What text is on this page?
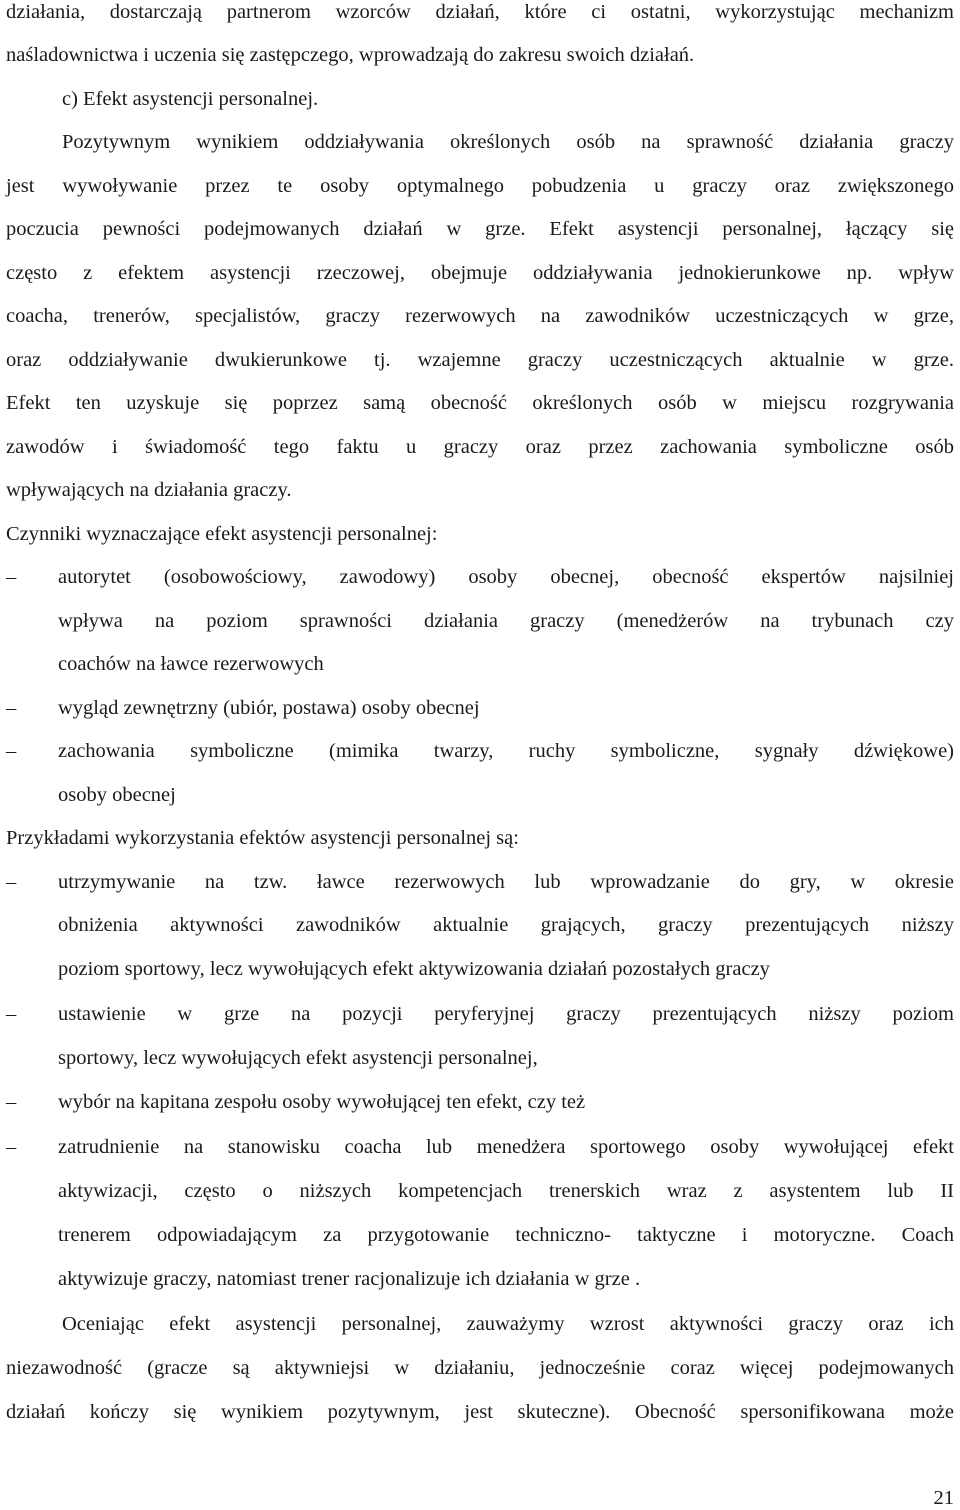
działania, dostarczają partnerom wzorców działań, które ci ostatni, wykorzystując mechanizm
naśladownictwa i uczenia się zastępczego, wprowadzają do zakresu swoich działań.
c) Efekt asystencji personalnej.
Pozytywnym wynikiem oddziaływania określonych osób na sprawność działania graczy
jest wywoływanie przez te osoby optymalnego pobudzenia u graczy oraz zwiększonego
poczucia pewności podejmowanych działań w grze. Efekt asystencji personalnej, łączący się
często z efektem asystencji rzeczowej, obejmuje oddziaływania jednokierunkowe np. wpływ
coacha, trenerów, specjalistów, graczy rezerwowych na zawodników uczestniczących w grze,
oraz oddziaływanie dwukierunkowe tj. wzajemne graczy uczestniczących aktualnie w grze.
Efekt ten uzyskuje się poprzez samą obecność określonych osób w miejscu rozgrywania
zawodów i świadomość tego faktu u graczy oraz przez zachowania symboliczne osób
wpływających na działania graczy.
Czynniki wyznaczające efekt asystencji personalnej:
– autorytet (osobowościowy, zawodowy) osoby obecnej, obecność ekspertów najsilniej
wpływa na poziom sprawności działania graczy (menedżerów na trybunach czy
coachów na ławce rezerwowych
– wygląd zewnętrzny (ubiór, postawa) osoby obecnej
– zachowania symboliczne (mimika twarzy, ruchy symboliczne, sygnały dźwiękowe)
osoby obecnej
Przykładami wykorzystania efektów asystencji personalnej są:
– utrzymywanie na tzw. ławce rezerwowych lub wprowadzanie do gry, w okresie
obniżenia aktywności zawodników aktualnie grających, graczy prezentujących niższy
poziom sportowy, lecz wywołujących efekt aktywizowania działań pozostałych graczy
– ustawienie w grze na pozycji peryferyjnej graczy prezentujących niższy poziom
sportowy, lecz wywołujących efekt asystencji personalnej,
– wybór na kapitana zespołu osoby wywołującej ten efekt, czy też
– zatrudnienie na stanowisku coacha lub menedżera sportowego osoby wywołującej efekt
aktywizacji, często o niższych kompetencjach trenerskich wraz z asystentem lub II
trenerem odpowiadającym za przygotowanie techniczno- taktyczne i motoryczne. Coach
aktywizuje graczy, natomiast trener racjonalizuje ich działania w grze .
Oceniając efekt asystencji personalnej, zauważymy wzrost aktywności graczy oraz ich
niezawodność (gracze są aktywniejsi w działaniu, jednocześnie coraz więcej podejmowanych
działań kończy się wynikiem pozytywnym, jest skuteczne). Obecność spersonifikowana może
21
